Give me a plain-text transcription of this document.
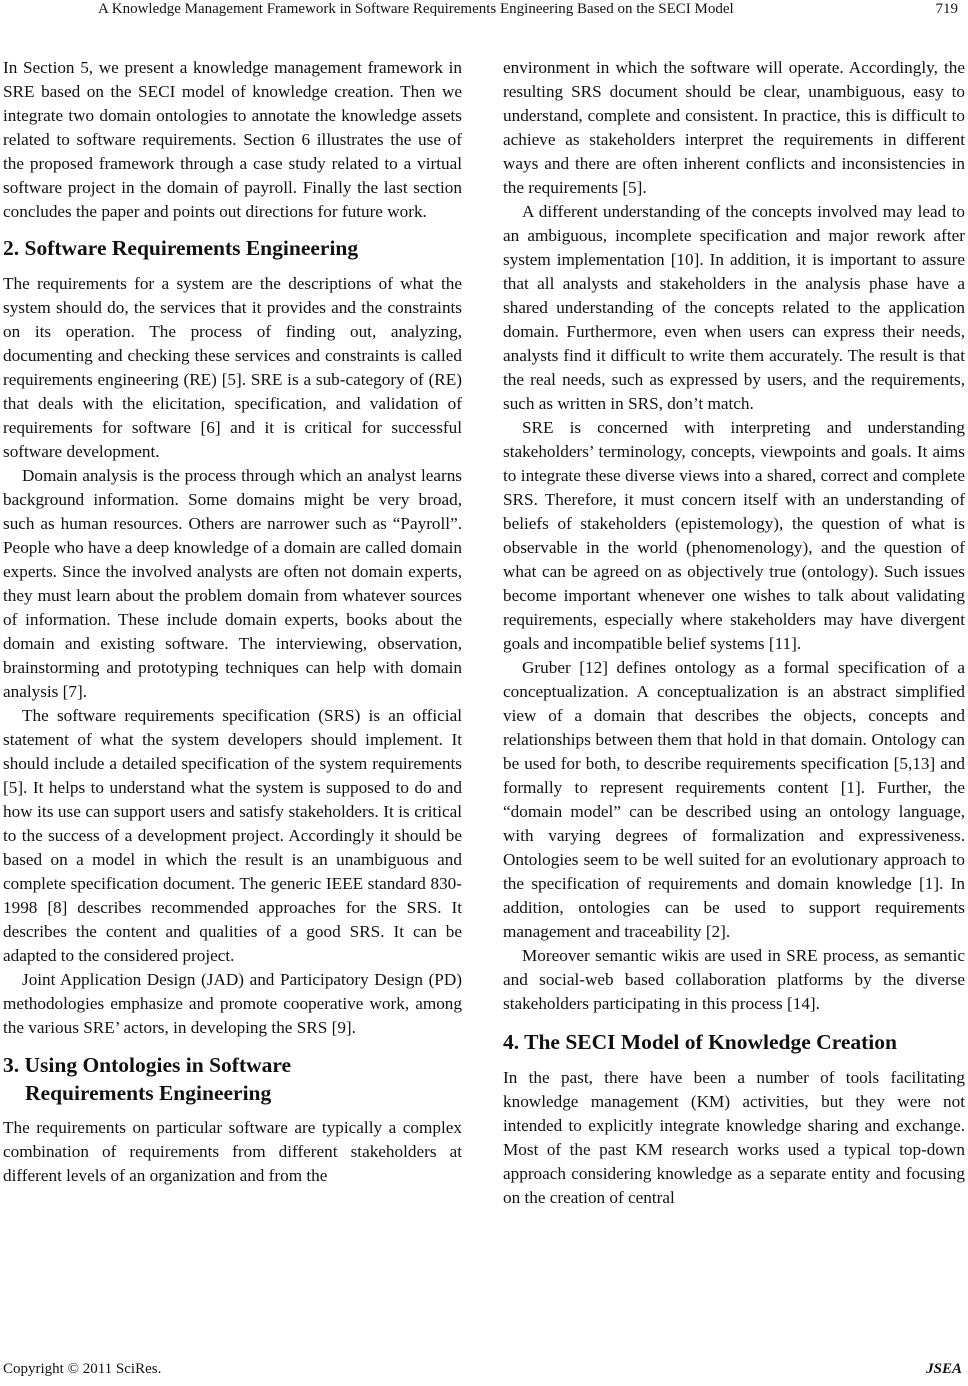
A Knowledge Management Framework in Software Requirements Engineering Based on the SECI Model	719

In Section 5, we present a knowledge management framework in SRE based on the SECI model of knowledge creation. Then we integrate two domain ontologies to annotate the knowledge assets related to software requirements. Section 6 illustrates the use of the proposed framework through a case study related to a virtual software project in the domain of payroll. Finally the last section concludes the paper and points out directions for future work.

2. Software Requirements Engineering

The requirements for a system are the descriptions of what the system should do, the services that it provides and the constraints on its operation. The process of finding out, analyzing, documenting and checking these services and constraints is called requirements engineering (RE) [5]. SRE is a sub-category of (RE) that deals with the elicitation, specification, and validation of requirements for software [6] and it is critical for successful software development.

Domain analysis is the process through which an analyst learns background information. Some domains might be very broad, such as human resources. Others are narrower such as “Payroll”. People who have a deep knowledge of a domain are called domain experts. Since the involved analysts are often not domain experts, they must learn about the problem domain from whatever sources of information. These include domain experts, books about the domain and existing software. The interviewing, observation, brainstorming and prototyping techniques can help with domain analysis [7].

The software requirements specification (SRS) is an official statement of what the system developers should implement. It should include a detailed specification of the system requirements [5]. It helps to understand what the system is supposed to do and how its use can support users and satisfy stakeholders. It is critical to the success of a development project. Accordingly it should be based on a model in which the result is an unambiguous and complete specification document. The generic IEEE standard 830-1998 [8] describes recommended approaches for the SRS. It describes the content and qualities of a good SRS. It can be adapted to the considered project.

Joint Application Design (JAD) and Participatory Design (PD) methodologies emphasize and promote cooperative work, among the various SRE’ actors, in developing the SRS [9].

3. Using Ontologies in Software
Requirements Engineering

The requirements on particular software are typically a complex combination of requirements from different stakeholders at different levels of an organization and from the

environment in which the software will operate. Accordingly, the resulting SRS document should be clear, unambiguous, easy to understand, complete and consistent. In practice, this is difficult to achieve as stakeholders interpret the requirements in different ways and there are often inherent conflicts and inconsistencies in the requirements [5].

A different understanding of the concepts involved may lead to an ambiguous, incomplete specification and major rework after system implementation [10]. In addition, it is important to assure that all analysts and stakeholders in the analysis phase have a shared understanding of the concepts related to the application domain. Furthermore, even when users can express their needs, analysts find it difficult to write them accurately. The result is that the real needs, such as expressed by users, and the requirements, such as written in SRS, don’t match.

SRE is concerned with interpreting and understanding stakeholders’ terminology, concepts, viewpoints and goals. It aims to integrate these diverse views into a shared, correct and complete SRS. Therefore, it must concern itself with an understanding of beliefs of stakeholders (epistemology), the question of what is observable in the world (phenomenology), and the question of what can be agreed on as objectively true (ontology). Such issues become important whenever one wishes to talk about validating requirements, especially where stakeholders may have divergent goals and incompatible belief systems [11].

Gruber [12] defines ontology as a formal specification of a conceptualization. A conceptualization is an abstract simplified view of a domain that describes the objects, concepts and relationships between them that hold in that domain. Ontology can be used for both, to describe requirements specification [5,13] and formally to represent requirements content [1]. Further, the “domain model” can be described using an ontology language, with varying degrees of formalization and expressiveness. Ontologies seem to be well suited for an evolutionary approach to the specification of requirements and domain knowledge [1]. In addition, ontologies can be used to support requirements management and traceability [2].

Moreover semantic wikis are used in SRE process, as semantic and social-web based collaboration platforms by the diverse stakeholders participating in this process [14].

4. The SECI Model of Knowledge Creation

In the past, there have been a number of tools facilitating knowledge management (KM) activities, but they were not intended to explicitly integrate knowledge sharing and exchange. Most of the past KM research works used a typical top-down approach considering knowledge as a separate entity and focusing on the creation of central

Copyright © 2011 SciRes.	JSEA
